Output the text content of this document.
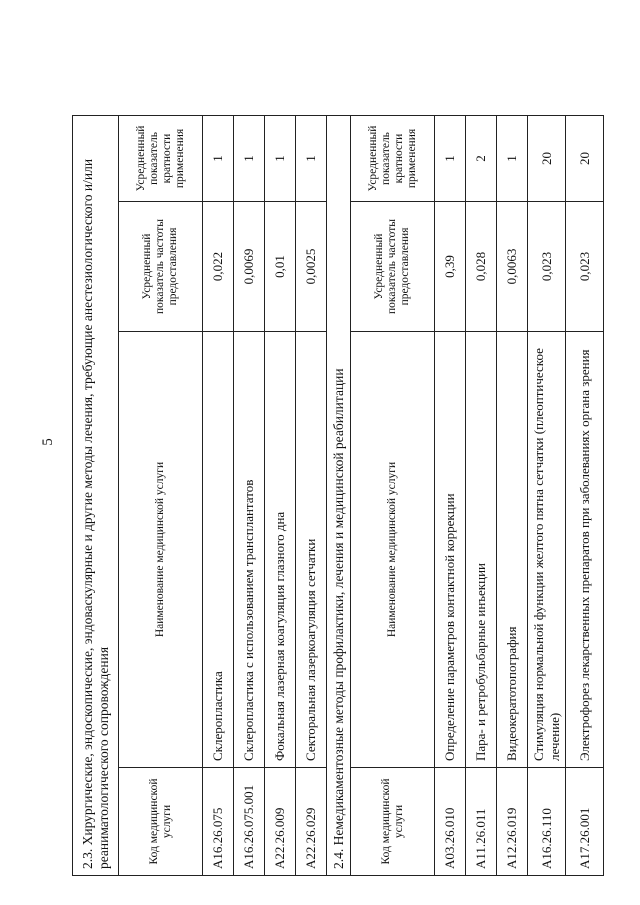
5 2.3. Хирургические, эндоскопические, эндоваскулярные и другие методы лечения, требующие анестезиологического и/или реаниматологического сопровождения				
Код медицинской услуги	Наименование медицинской услуги	Усредненный показатель частоты предоставления	Усредненный показатель кратности применения	
A16.26.075	Склеропластика	0,022	1	
A16.26.075.001	Склеропластика с использованием трансплантатов	0,0069	1	
A22.26.009	Фокальная лазерная коагуляция глазного дна	0,01	1	
A22.26.029	Секторальная лазеркоагуляция сетчатки	0,0025	1	
2.4. Немедикаментозные методы профилактики, лечения и медицинской реабилитации				
Код медицинской услуги	Наименование медицинской услуги	Усредненный показатель частоты предоставления	Усредненный показатель кратности применения	
A03.26.010	Определение параметров контактной коррекции	0,39	1	
A11.26.011	Пара- и ретробульбарные инъекции	0,028	2	
A12.26.019	Видеокератотопография	0,0063	1	
A16.26.110	Стимуляция нормальной функции желтого пятна сетчатки (плеоптическое лечение)	0,023	20	
A17.26.001	Электрофорез лекарственных препаратов при заболеваниях органа зрения	0,023	20	
